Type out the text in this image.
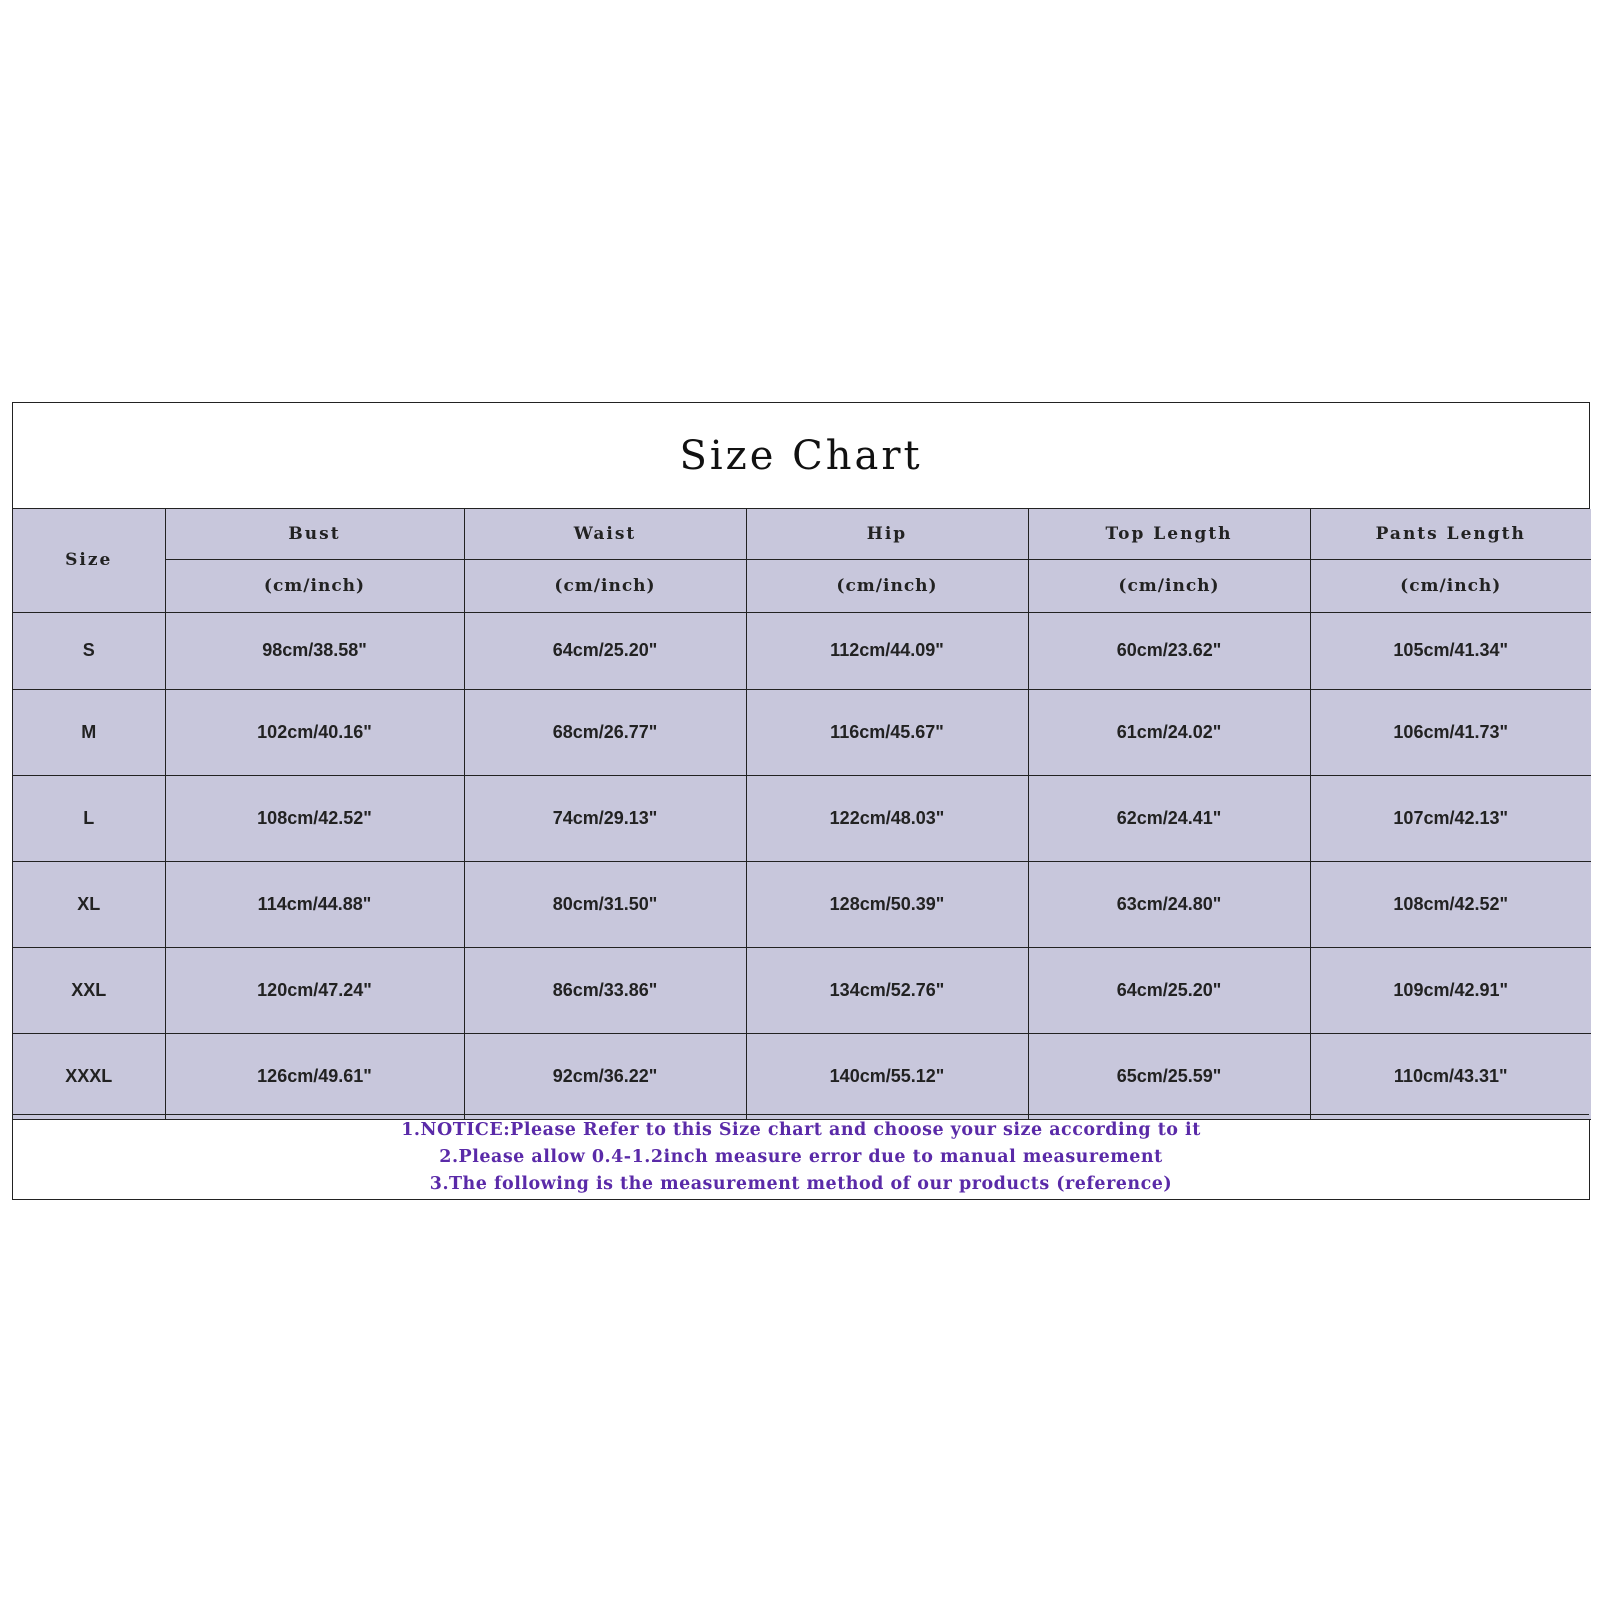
Size Chart
Size	Bust	Waist	Hip	Top Length	Pants Length
	(cm/inch)	(cm/inch)	(cm/inch)	(cm/inch)	(cm/inch)
S	98cm/38.58"	64cm/25.20"	112cm/44.09"	60cm/23.62"	105cm/41.34"
M	102cm/40.16"	68cm/26.77"	116cm/45.67"	61cm/24.02"	106cm/41.73"
L	108cm/42.52"	74cm/29.13"	122cm/48.03"	62cm/24.41"	107cm/42.13"
XL	114cm/44.88"	80cm/31.50"	128cm/50.39"	63cm/24.80"	108cm/42.52"
XXL	120cm/47.24"	86cm/33.86"	134cm/52.76"	64cm/25.20"	109cm/42.91"
XXXL	126cm/49.61"	92cm/36.22"	140cm/55.12"	65cm/25.59"	110cm/43.31"
1.NOTICE:Please Refer to this Size chart and choose your size according to it
2.Please allow 0.4-1.2inch measure error due to manual measurement
3.The following is the measurement method of our products (reference)
